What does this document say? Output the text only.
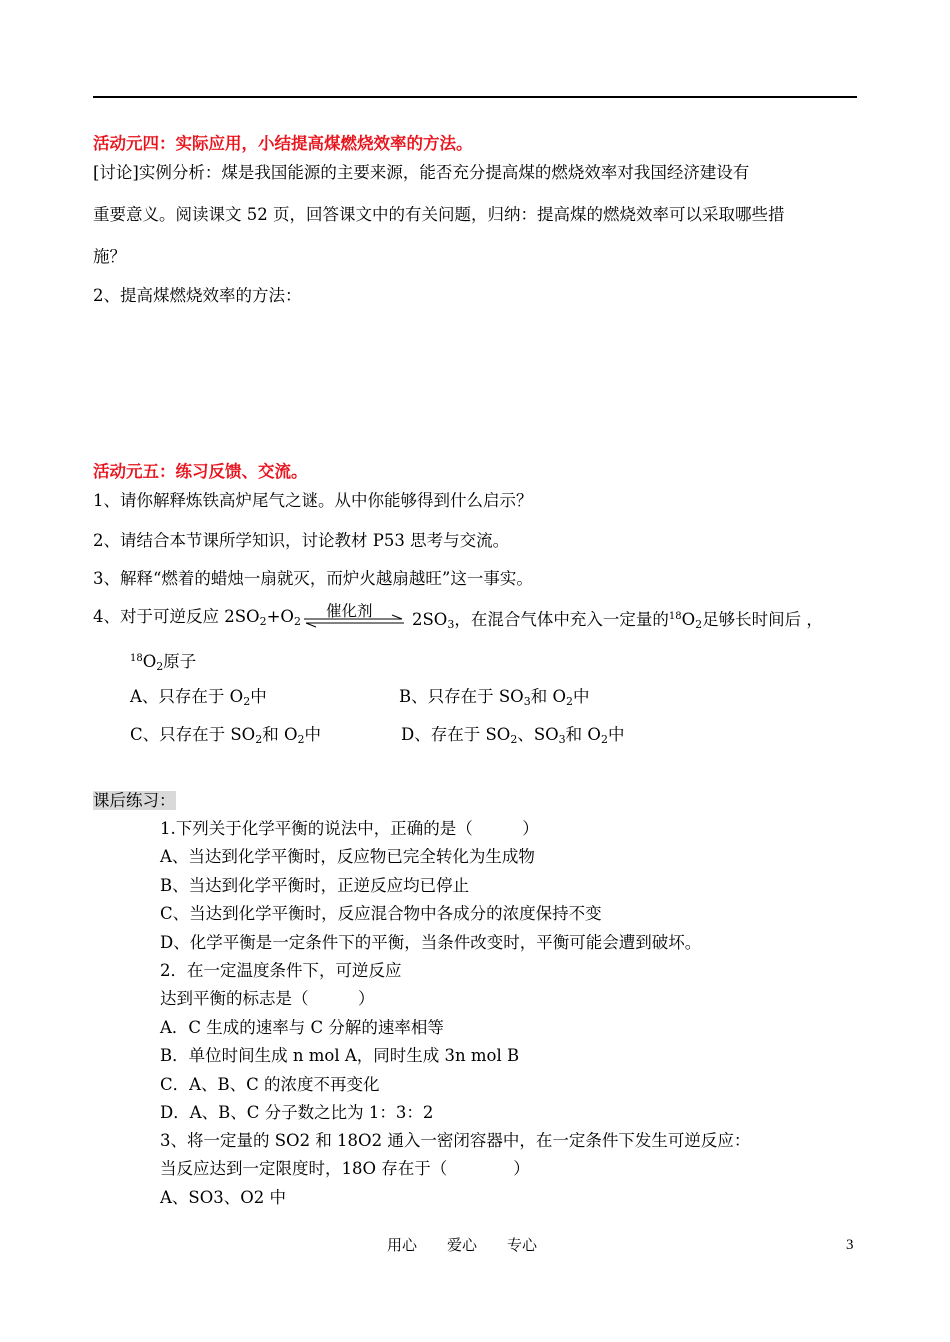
活动元四：实际应用，小结提高煤燃烧效率的方法。
[讨论]实例分析：煤是我国能源的主要来源，能否充分提高煤的燃烧效率对我国经济建设有
重要意义。阅读课文 52 页，回答课文中的有关问题，归纳：提高煤的燃烧效率可以采取哪些措
施？
2、提高煤燃烧效率的方法：
活动元五：练习反馈、交流。
1、请你解释炼铁高炉尾气之谜。从中你能够得到什么启示？
2、请结合本节课所学知识，讨论教材 P53 思考与交流。
3、解释“燃着的蜡烛一扇就灭，而炉火越扇越旺”这一事实。
4、对于可逆反应 $2SO_2+O_2$
催化剂 $2SO_3$，在混合气体中充入一定量的$^{18}O_2$足够长时间后 ，
$^{18}O_2$原子
A、只存在于 $O_2$中	B、只存在于 $SO_3$和 $O_2$中
C、只存在于 $SO_2$和 $O_2$中	D、存在于 $SO_2$、$SO_3$和 $O_2$中
课后练习：
1.下列关于化学平衡的说法中，正确的是（　　　）
A、当达到化学平衡时，反应物已完全转化为生成物
B、当达到化学平衡时，正逆反应均已停止
C、当达到化学平衡时，反应混合物中各成分的浓度保持不变
D、化学平衡是一定条件下的平衡，当条件改变时，平衡可能会遭到破坏。
2．在一定温度条件下，可逆反应
达到平衡的标志是（　　　）
A．C 生成的速率与 C 分解的速率相等
B．单位时间生成 n mol A，同时生成 3n mol B
C．A、B、C 的浓度不再变化
D．A、B、C 分子数之比为 1：3：2
3、将一定量的 SO2 和 18O2 通入一密闭容器中，在一定条件下发生可逆反应：
当反应达到一定限度时，18O 存在于（　　　　）
A、SO3、O2 中
用心　　爱心　　专心	3
